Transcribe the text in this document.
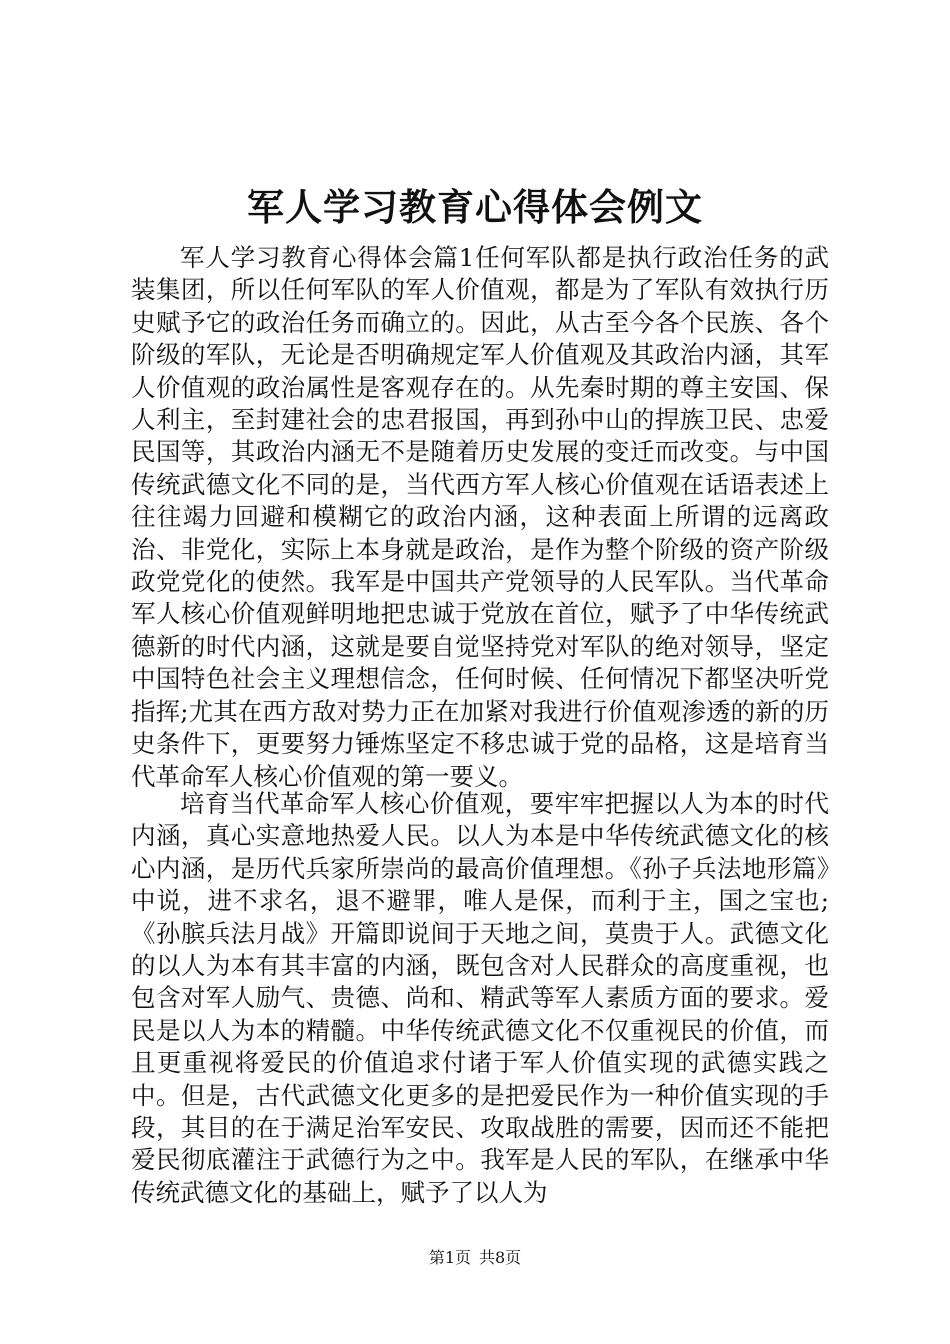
军人学习教育心得体会例文

军人学习教育心得体会篇1任何军队都是执行政治任务的武装集团，所以任何军队的军人价值观，都是为了军队有效执行历史赋予它的政治任务而确立的。因此，从古至今各个民族、各个阶级的军队，无论是否明确规定军人价值观及其政治内涵，其军人价值观的政治属性是客观存在的。从先秦时期的尊主安国、保人利主，至封建社会的忠君报国，再到孙中山的捍族卫民、忠爱民国等，其政治内涵无不是随着历史发展的变迁而改变。与中国传统武德文化不同的是，当代西方军人核心价值观在话语表述上往往竭力回避和模糊它的政治内涵，这种表面上所谓的远离政治、非党化，实际上本身就是政治，是作为整个阶级的资产阶级政党党化的使然。我军是中国共产党领导的人民军队。当代革命军人核心价值观鲜明地把忠诚于党放在首位，赋予了中华传统武德新的时代内涵，这就是要自觉坚持党对军队的绝对领导，坚定中国特色社会主义理想信念，任何时候、任何情况下都坚决听党指挥;尤其在西方敌对势力正在加紧对我进行价值观渗透的新的历史条件下，更要努力锤炼坚定不移忠诚于党的品格，这是培育当代革命军人核心价值观的第一要义。

培育当代革命军人核心价值观，要牢牢把握以人为本的时代内涵，真心实意地热爱人民。以人为本是中华传统武德文化的核心内涵，是历代兵家所崇尚的最高价值理想。《孙子兵法地形篇》中说，进不求名，退不避罪，唯人是保，而利于主，国之宝也;《孙膑兵法月战》开篇即说间于天地之间，莫贵于人。武德文化的以人为本有其丰富的内涵，既包含对人民群众的高度重视，也包含对军人励气、贵德、尚和、精武等军人素质方面的要求。爱民是以人为本的精髓。中华传统武德文化不仅重视民的价值，而且更重视将爱民的价值追求付诸于军人价值实现的武德实践之中。但是，古代武德文化更多的是把爱民作为一种价值实现的手段，其目的在于满足治军安民、攻取战胜的需要，因而还不能把爱民彻底灌注于武德行为之中。我军是人民的军队，在继承中华传统武德文化的基础上，赋予了以人为

第1页 共8页
